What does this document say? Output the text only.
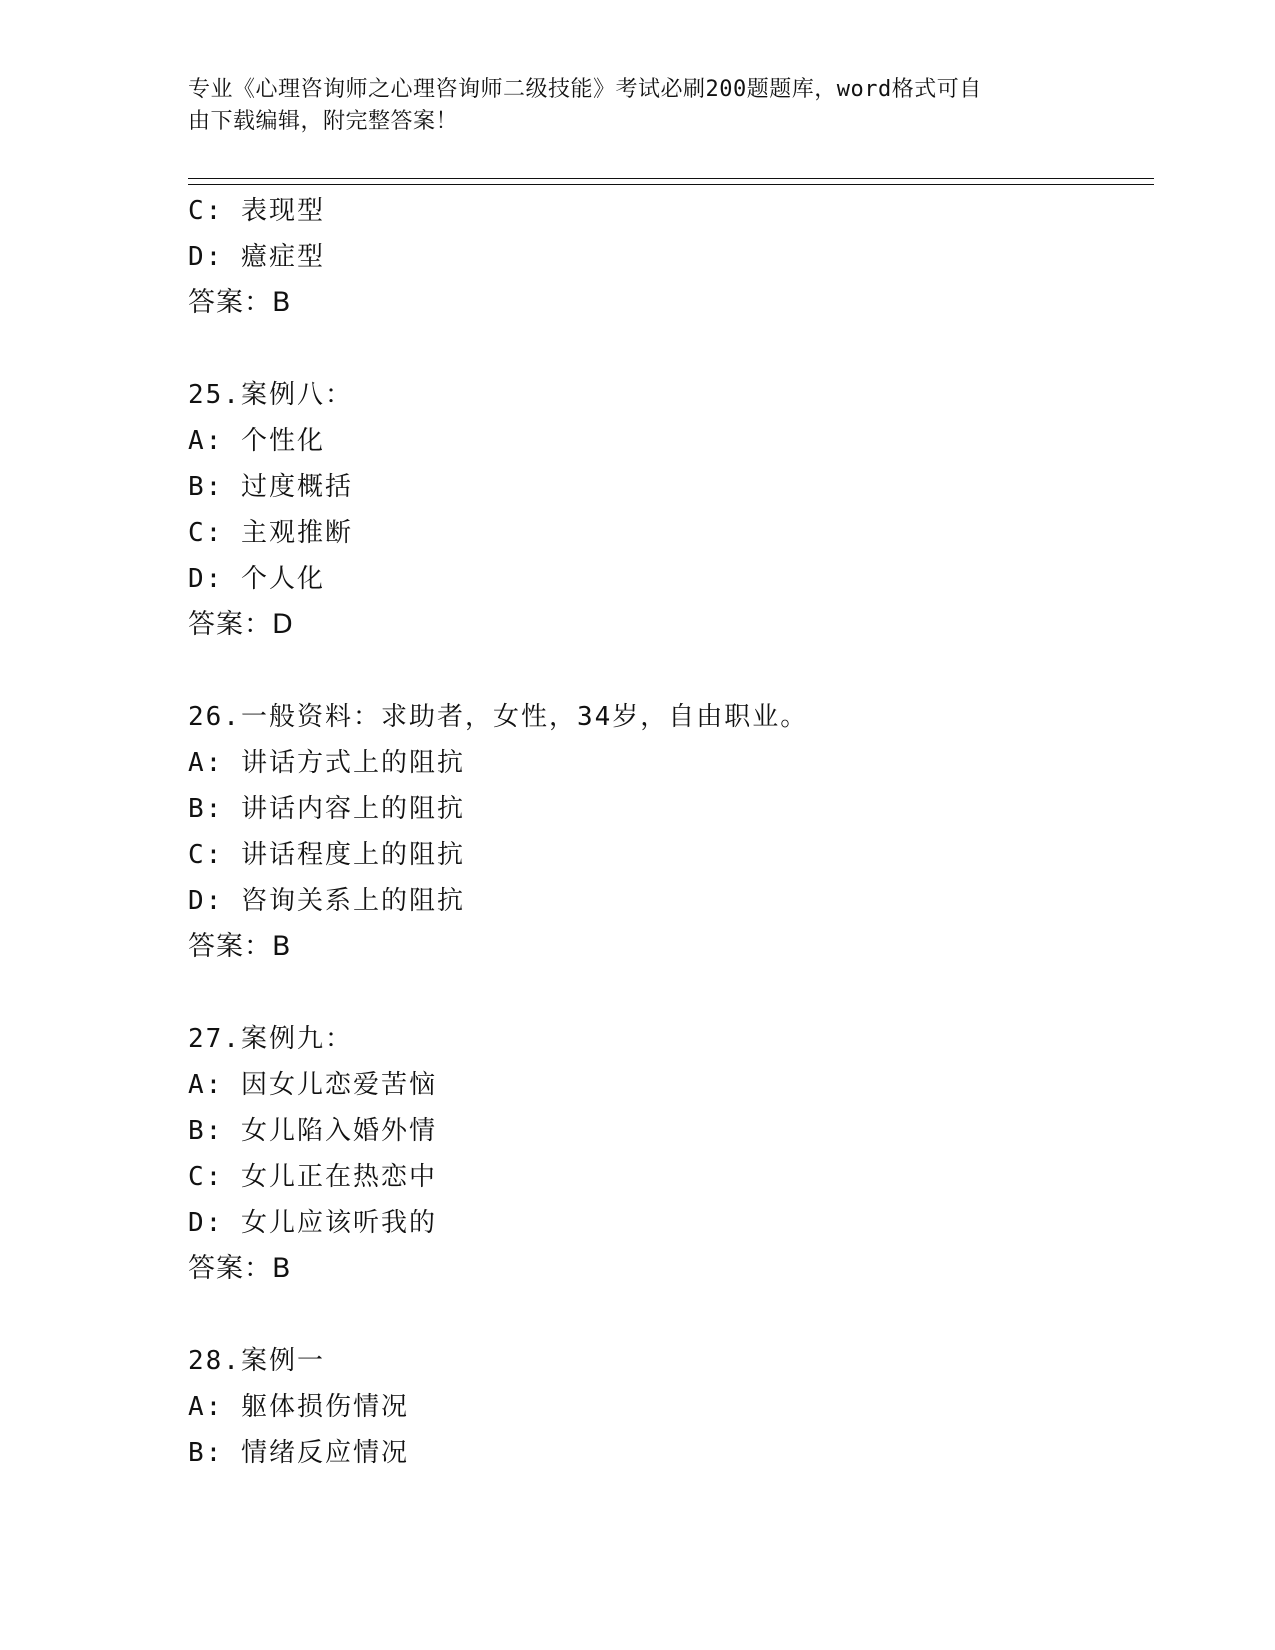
专业《心理咨询师之心理咨询师二级技能》考试必刷200题题库，word格式可自
由下载编辑，附完整答案！
C: 表现型
D: 癔症型
答案：B
25.案例八：
A: 个性化
B: 过度概括
C: 主观推断
D: 个人化
答案：D
26.一般资料：求助者，女性，34岁，自由职业。
A: 讲话方式上的阻抗
B: 讲话内容上的阻抗
C: 讲话程度上的阻抗
D: 咨询关系上的阻抗
答案：B
27.案例九：
A: 因女儿恋爱苦恼
B: 女儿陷入婚外情
C: 女儿正在热恋中
D: 女儿应该听我的
答案：B
28.案例一
A: 躯体损伤情况
B: 情绪反应情况
